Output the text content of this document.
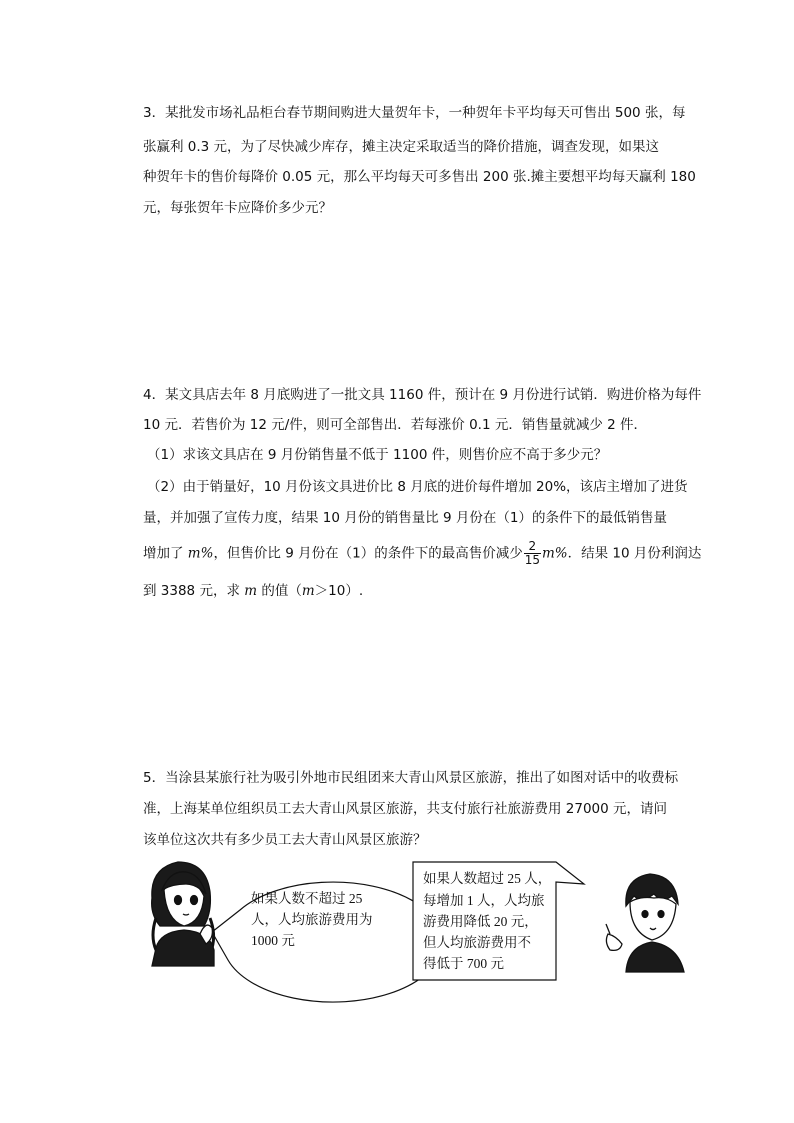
3．某批发市场礼品柜台春节期间购进大量贺年卡，一种贺年卡平均每天可售出 500 张，每
张赢利 0.3 元，为了尽快减少库存，摊主决定采取适当的降价措施，调查发现，如果这
种贺年卡的售价每降价 0.05 元，那么平均每天可多售出 200 张.摊主要想平均每天赢利 180
元，每张贺年卡应降价多少元？
4．某文具店去年 8 月底购进了一批文具 1160 件，预计在 9 月份进行试销．购进价格为每件
10 元．若售价为 12 元/件，则可全部售出．若每涨价 0.1 元．销售量就减少 2 件．
（1）求该文具店在 9 月份销售量不低于 1100 件，则售价应不高于多少元？
（2）由于销量好，10 月份该文具进价比 8 月底的进价每件增加 20%，该店主增加了进货
量，并加强了宣传力度，结果 10 月份的销售量比 9 月份在（1）的条件下的最低销售量
增加了 m%，但售价比 9 月份在（1）的条件下的最高售价减少 $\frac{2}{15} m\%$．结果 10 月份利润达
到 3388 元，求 m 的值（m＞10）.
5．当涂县某旅行社为吸引外地市民组团来大青山风景区旅游，推出了如图对话中的收费标
准，上海某单位组织员工去大青山风景区旅游，共支付旅行社旅游费用 27000 元，请问
该单位这次共有多少员工去大青山风景区旅游？
如果人数不超过 25
人，人均旅游费用为
1000 元
如果人数超过 25 人，
每增加 1 人，人均旅
游费用降低 20 元，
但人均旅游费用不
得低于 700 元
